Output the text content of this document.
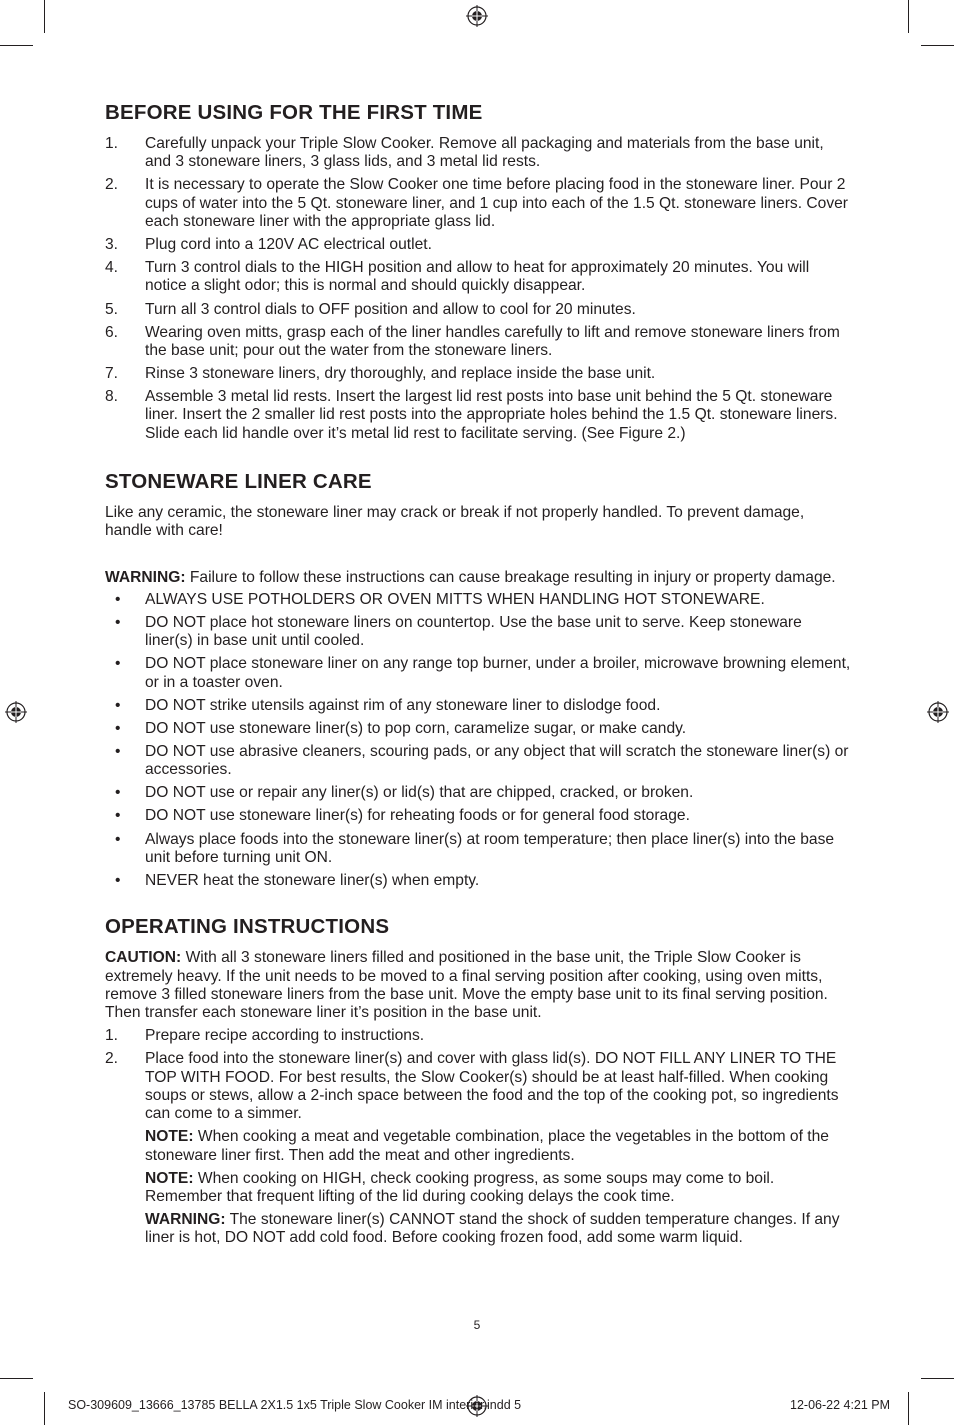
BEFORE USING FOR THE FIRST TIME
1. Carefully unpack your Triple Slow Cooker. Remove all packaging and materials from the base unit, and 3 stoneware liners, 3 glass lids, and 3 metal lid rests.
2. It is necessary to operate the Slow Cooker one time before placing food in the stoneware liner. Pour 2 cups of water into the 5 Qt. stoneware liner, and 1 cup into each of the 1.5 Qt. stoneware liners. Cover each stoneware liner with the appropriate glass lid.
3. Plug cord into a 120V AC electrical outlet.
4. Turn 3 control dials to the HIGH position and allow to heat for approximately 20 minutes. You will notice a slight odor; this is normal and should quickly disappear.
5. Turn all 3 control dials to OFF position and allow to cool for 20 minutes.
6. Wearing oven mitts, grasp each of the liner handles carefully to lift and remove stoneware liners from the base unit; pour out the water from the stoneware liners.
7. Rinse 3 stoneware liners, dry thoroughly, and replace inside the base unit.
8. Assemble 3 metal lid rests. Insert the largest lid rest posts into base unit behind the 5 Qt. stoneware liner. Insert the 2 smaller lid rest posts into the appropriate holes behind the 1.5 Qt. stoneware liners. Slide each lid handle over it’s metal lid rest to facilitate serving. (See Figure 2.)
STONEWARE LINER CARE

Like any ceramic, the stoneware liner may crack or break if not properly handled. To prevent damage, handle with care!

WARNING: Failure to follow these instructions can cause breakage resulting in injury or property damage.

• ALWAYS USE POTHOLDERS OR OVEN MITTS WHEN HANDLING HOT STONEWARE.
• DO NOT place hot stoneware liners on countertop. Use the base unit to serve. Keep stoneware liner(s) in base unit until cooled.
• DO NOT place stoneware liner on any range top burner, under a broiler, microwave browning element, or in a toaster oven.
• DO NOT strike utensils against rim of any stoneware liner to dislodge food.
• DO NOT use stoneware liner(s) to pop corn, caramelize sugar, or make candy.
• DO NOT use abrasive cleaners, scouring pads, or any object that will scratch the stoneware liner(s) or accessories.
• DO NOT use or repair any liner(s) or lid(s) that are chipped, cracked, or broken.
• DO NOT use stoneware liner(s) for reheating foods or for general food storage.
• Always place foods into the stoneware liner(s) at room temperature; then place liner(s) into the base unit before turning unit ON.
• NEVER heat the stoneware liner(s) when empty.
OPERATING INSTRUCTIONS

CAUTION: With all 3 stoneware liners filled and positioned in the base unit, the Triple Slow Cooker is extremely heavy. If the unit needs to be moved to a final serving position after cooking, using oven mitts, remove 3 filled stoneware liners from the base unit. Move the empty base unit to its final serving position. Then transfer each stoneware liner it’s position in the base unit.

1. Prepare recipe according to instructions.
2. Place food into the stoneware liner(s) and cover with glass lid(s). DO NOT FILL ANY LINER TO THE TOP WITH FOOD. For best results, the Slow Cooker(s) should be at least half-filled. When cooking soups or stews, allow a 2-inch space between the food and the top of the cooking pot, so ingredients can come to a simmer.
NOTE: When cooking a meat and vegetable combination, place the vegetables in the bottom of the stoneware liner first. Then add the meat and other ingredients.
NOTE: When cooking on HIGH, check cooking progress, as some soups may come to boil. Remember that frequent lifting of the lid during cooking delays the cook time.
WARNING: The stoneware liner(s) CANNOT stand the shock of sudden temperature changes. If any liner is hot, DO NOT add cold food. Before cooking frozen food, add some warm liquid.
5
SO-309609_13666_13785 BELLA 2X1.5 1x5 Triple Slow Cooker IM interior.indd 5	12-06-22 4:21 PM
